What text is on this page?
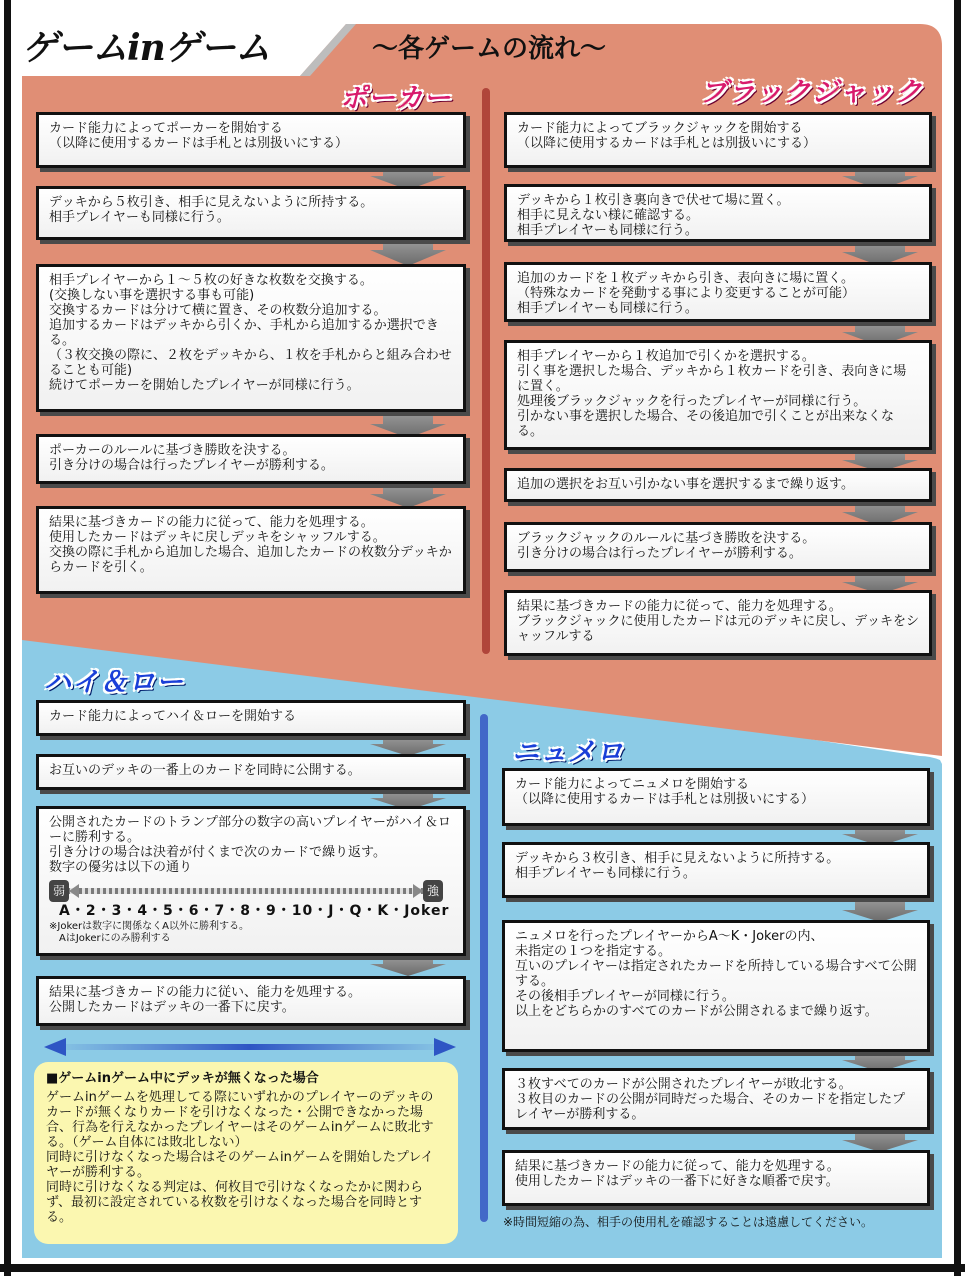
ゲームinゲーム	～各ゲームの流れ～
ポーカー	ブラックジャック
ハイ＆ロー
ニュメロ

カード能力によってポーカーを開始する
（以降に使用するカードは手札とは別扱いにする）

デッキから５枚引き、相手に見えないように所持する。
相手プレイヤーも同様に行う。

相手プレイヤーから１～５枚の好きな枚数を交換する。
(交換しない事を選択する事も可能)
交換するカードは分けて横に置き、その枚数分追加する。
追加するカードはデッキから引くか、手札から追加するか選択できる。
（３枚交換の際に、２枚をデッキから、１枚を手札からと組み合わせることも可能)
続けてポーカーを開始したプレイヤーが同様に行う。

ポーカーのルールに基づき勝敗を決する。
引き分けの場合は行ったプレイヤーが勝利する。

結果に基づきカードの能力に従って、能力を処理する。
使用したカードはデッキに戻しデッキをシャッフルする。
交換の際に手札から追加した場合、追加したカードの枚数分デッキからカードを引く。

カード能力によってブラックジャックを開始する
（以降に使用するカードは手札とは別扱いにする）

デッキから１枚引き裏向きで伏せて場に置く。
相手に見えない様に確認する。
相手プレイヤーも同様に行う。

追加のカードを１枚デッキから引き、表向きに場に置く。
（特殊なカードを発動する事により変更することが可能）
相手プレイヤーも同様に行う。

相手プレイヤーから１枚追加で引くかを選択する。
引く事を選択した場合、デッキから１枚カードを引き、表向きに場に置く。
処理後ブラックジャックを行ったプレイヤーが同様に行う。
引かない事を選択した場合、その後追加で引くことが出来なくなる。

追加の選択をお互い引かない事を選択するまで繰り返す。

ブラックジャックのルールに基づき勝敗を決する。
引き分けの場合は行ったプレイヤーが勝利する。

結果に基づきカードの能力に従って、能力を処理する。
ブラックジャックに使用したカードは元のデッキに戻し、デッキをシャッフルする

カード能力によってハイ＆ローを開始する

お互いのデッキの一番上のカードを同時に公開する。

公開されたカードのトランプ部分の数字の高いプレイヤーがハイ＆ローに勝利する。
引き分けの場合は決着が付くまで次のカードで繰り返す。
数字の優劣は以下の通り

弱	強
A・2・3・4・5・6・7・8・9・10・J・Q・K・Joker
※Jokerは数字に関係なくA以外に勝利する。
　AはJokerにのみ勝利する

結果に基づきカードの能力に従い、能力を処理する。
公開したカードはデッキの一番下に戻す。

カード能力によってニュメロを開始する
（以降に使用するカードは手札とは別扱いにする）

デッキから３枚引き、相手に見えないように所持する。
相手プレイヤーも同様に行う。

ニュメロを行ったプレイヤーからA～K・Jokerの内、
未指定の１つを指定する。
互いのプレイヤーは指定されたカードを所持している場合すべて公開する。
その後相手プレイヤーが同様に行う。
以上をどちらかのすべてのカードが公開されるまで繰り返す。

３枚すべてのカードが公開されたプレイヤーが敗北する。
３枚目のカードの公開が同時だった場合、そのカードを指定したプレイヤーが勝利する。

結果に基づきカードの能力に従って、能力を処理する。
使用したカードはデッキの一番下に好きな順番で戻す。

※時間短縮の為、相手の使用札を確認することは遠慮してください。
■ゲームinゲーム中にデッキが無くなった場合

ゲームinゲームを処理してる際にいずれかのプレイヤーのデッキのカードが無くなりカードを引けなくなった・公開できなかった場合、行為を行えなかったプレイヤーはそのゲームinゲームに敗北する。（ゲーム自体には敗北しない）
同時に引けなくなった場合はそのゲームinゲームを開始したプレイヤーが勝利する。
同時に引けなくなる判定は、何枚目で引けなくなったかに関わらず、最初に設定されている枚数を引けなくなった場合を同時とする。
